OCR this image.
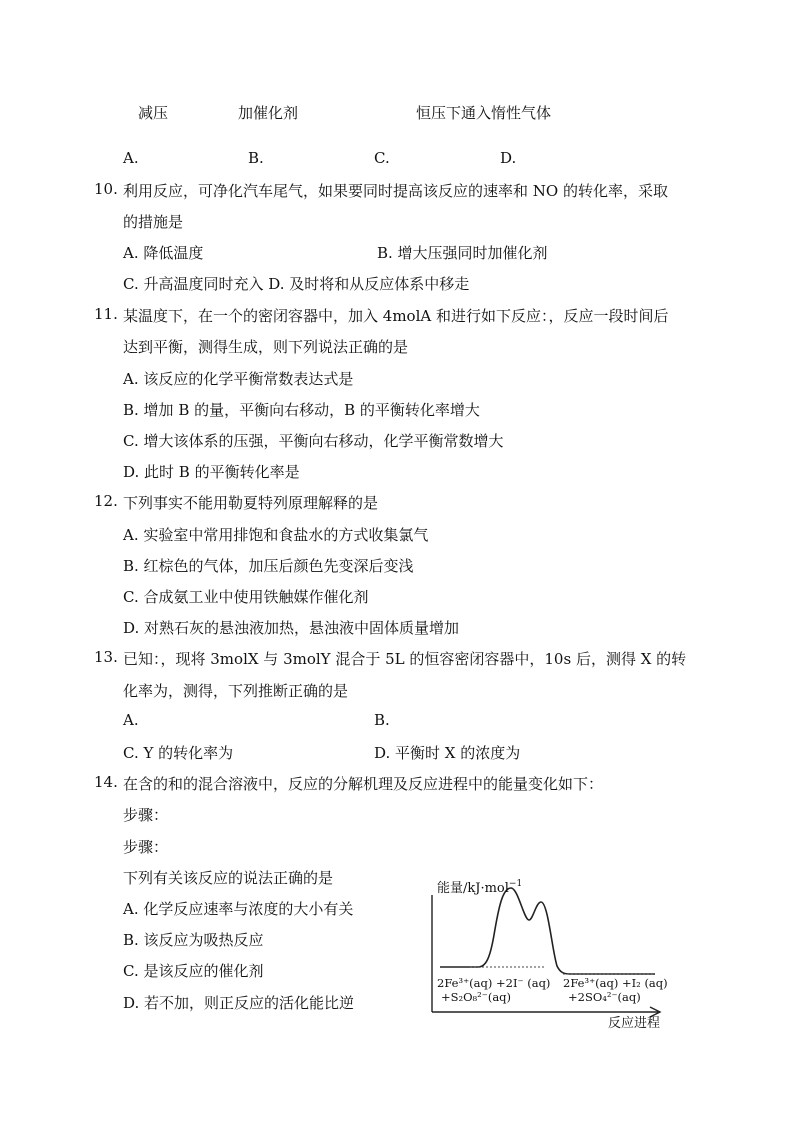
减压	加催化剂	恒压下通入惰性气体
A.	B.	C.	D.
10. 利用反应，可净化汽车尾气，如果要同时提高该反应的速率和 NO 的转化率，采取
的措施是
A. 降低温度	B. 增大压强同时加催化剂
C. 升高温度同时充入 D. 及时将和从反应体系中移走
11. 某温度下，在一个的密闭容器中，加入 4molA 和进行如下反应：，反应一段时间后
达到平衡，测得生成，则下列说法正确的是
A. 该反应的化学平衡常数表达式是
B. 增加 B 的量，平衡向右移动，B 的平衡转化率增大
C. 增大该体系的压强，平衡向右移动，化学平衡常数增大
D. 此时 B 的平衡转化率是
12. 下列事实不能用勒夏特列原理解释的是
A. 实验室中常用排饱和食盐水的方式收集氯气
B. 红棕色的气体，加压后颜色先变深后变浅
C. 合成氨工业中使用铁触媒作催化剂
D. 对熟石灰的悬浊液加热，悬浊液中固体质量增加
13. 已知：，现将 3molX 与 3molY 混合于 5L 的恒容密闭容器中，10s 后，测得 X 的转
化率为，测得，下列推断正确的是
A.	B.
C. Y 的转化率为	D. 平衡时 X 的浓度为
14. 在含的和的混合溶液中，反应的分解机理及反应进程中的能量变化如下：
步骤：
步骤：
下列有关该反应的说法正确的是
A. 化学反应速率与浓度的大小有关
B. 该反应为吸热反应
C. 是该反应的催化剂
D. 若不加，则正反应的活化能比逆
能量/kJ·mol$^{-1}$
2Fe³⁺(aq) +2I⁻ (aq)
+S₂O₈²⁻(aq)
2Fe³⁺(aq) +I₂ (aq)
+2SO₄²⁻(aq)
反应进程
